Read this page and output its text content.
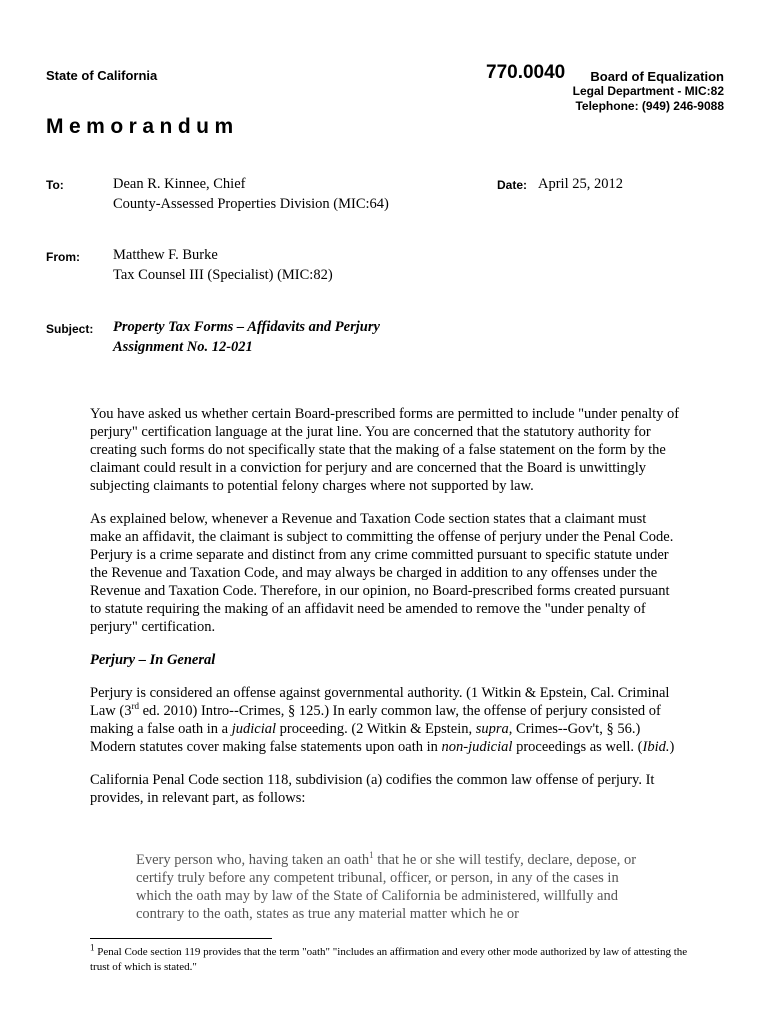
State of California	770.0040	Board of Equalization
Legal Department - MIC:82
Telephone: (949) 246-9088
Memorandum
To:	Dean R. Kinnee, Chief
County-Assessed Properties Division (MIC:64)
Date: April 25, 2012
From: Matthew F. Burke
Tax Counsel III (Specialist) (MIC:82)
Subject: Property Tax Forms – Affidavits and Perjury
Assignment No. 12-021

You have asked us whether certain Board-prescribed forms are permitted to include "under penalty of perjury" certification language at the jurat line. You are concerned that the statutory authority for creating such forms do not specifically state that the making of a false statement on the form by the claimant could result in a conviction for perjury and are concerned that the Board is unwittingly subjecting claimants to potential felony charges where not supported by law.

As explained below, whenever a Revenue and Taxation Code section states that a claimant must make an affidavit, the claimant is subject to committing the offense of perjury under the Penal Code. Perjury is a crime separate and distinct from any crime committed pursuant to specific statute under the Revenue and Taxation Code, and may always be charged in addition to any offenses under the Revenue and Taxation Code. Therefore, in our opinion, no Board-prescribed forms created pursuant to statute requiring the making of an affidavit need be amended to remove the "under penalty of perjury" certification.

Perjury – In General

Perjury is considered an offense against governmental authority. (1 Witkin & Epstein, Cal. Criminal Law (3rd ed. 2010) Intro--Crimes, § 125.) In early common law, the offense of perjury consisted of making a false oath in a judicial proceeding. (2 Witkin & Epstein, supra, Crimes--Gov't, § 56.) Modern statutes cover making false statements upon oath in non-judicial proceedings as well. (Ibid.)

California Penal Code section 118, subdivision (a) codifies the common law offense of perjury. It provides, in relevant part, as follows:

Every person who, having taken an oath$^1$ that he or she will testify, declare, depose, or certify truly before any competent tribunal, officer, or person, in any of the cases in which the oath may by law of the State of California be administered, willfully and contrary to the oath, states as true any material matter which he or
$^1$ Penal Code section 119 provides that the term "oath" "includes an affirmation and every other mode authorized by law of attesting the trust of which is stated."
